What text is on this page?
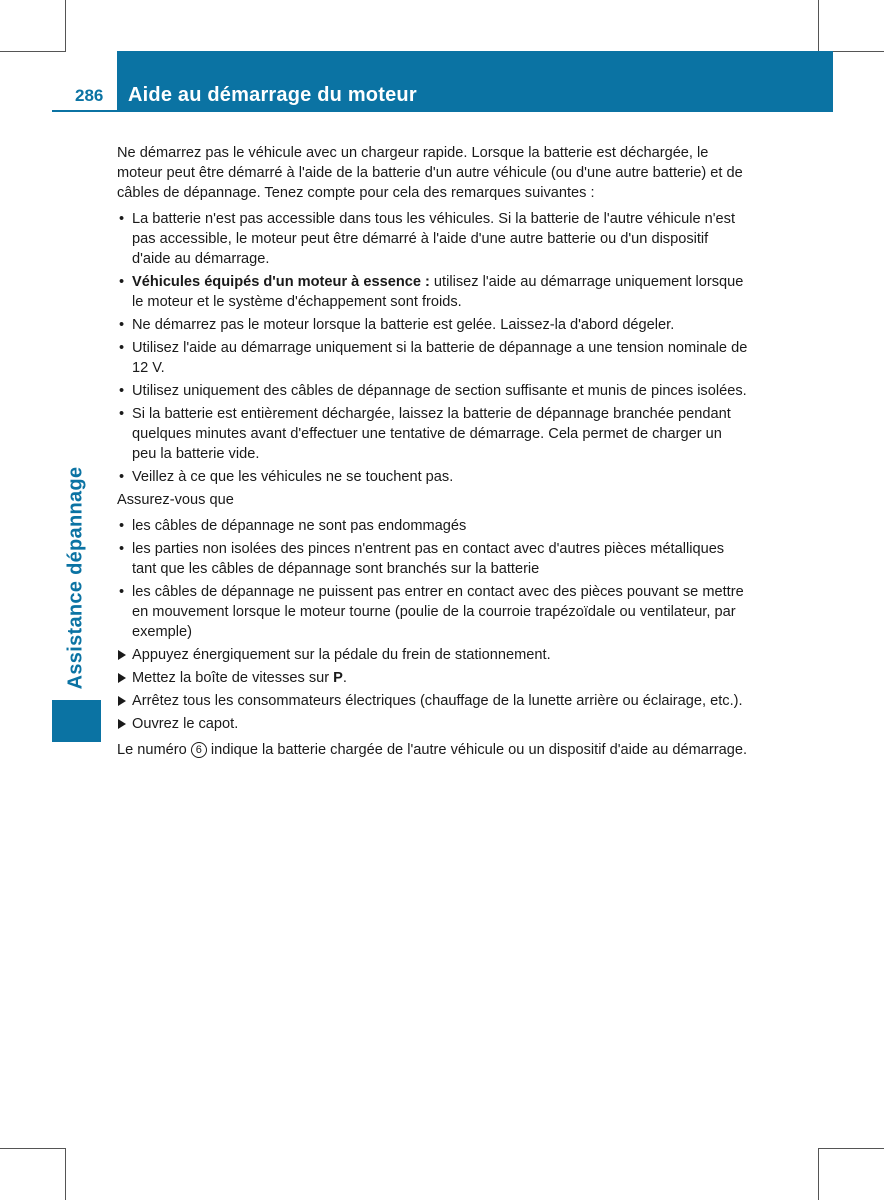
286 Aide au démarrage du moteur
Assistance dépannage

Ne démarrez pas le véhicule avec un chargeur rapide. Lorsque la batterie est déchargée, le moteur peut être démarré à l'aide de la batterie d'un autre véhicule (ou d'une autre batterie) et de câbles de dépannage. Tenez compte pour cela des remarques suivantes :

• La batterie n'est pas accessible dans tous les véhicules. Si la batterie de l'autre véhicule n'est pas accessible, le moteur peut être démarré à l'aide d'une autre batterie ou d'un dispositif d'aide au démarrage.
• Véhicules équipés d'un moteur à essence : utilisez l'aide au démarrage uniquement lorsque le moteur et le système d'échappement sont froids.
• Ne démarrez pas le moteur lorsque la batterie est gelée. Laissez-la d'abord dégeler.
• Utilisez l'aide au démarrage uniquement si la batterie de dépannage a une tension nominale de 12 V.
• Utilisez uniquement des câbles de dépannage de section suffisante et munis de pinces isolées.
• Si la batterie est entièrement déchargée, laissez la batterie de dépannage branchée pendant quelques minutes avant d'effectuer une tentative de démarrage. Cela permet de charger un peu la batterie vide.
• Veillez à ce que les véhicules ne se touchent pas.

Assurez-vous que

• les câbles de dépannage ne sont pas endommagés
• les parties non isolées des pinces n'entrent pas en contact avec d'autres pièces métalliques tant que les câbles de dépannage sont branchés sur la batterie
• les câbles de dépannage ne puissent pas entrer en contact avec des pièces pouvant se mettre en mouvement lorsque le moteur tourne (poulie de la courroie trapézoïdale ou ventilateur, par exemple)
Appuyez énergiquement sur la pédale du frein de stationnement.
Mettez la boîte de vitesses sur P.
Arrêtez tous les consommateurs électriques (chauffage de la lunette arrière ou éclairage, etc.).
Ouvrez le capot.

Le numéro 6 indique la batterie chargée de l'autre véhicule ou un dispositif d'aide au démarrage.
